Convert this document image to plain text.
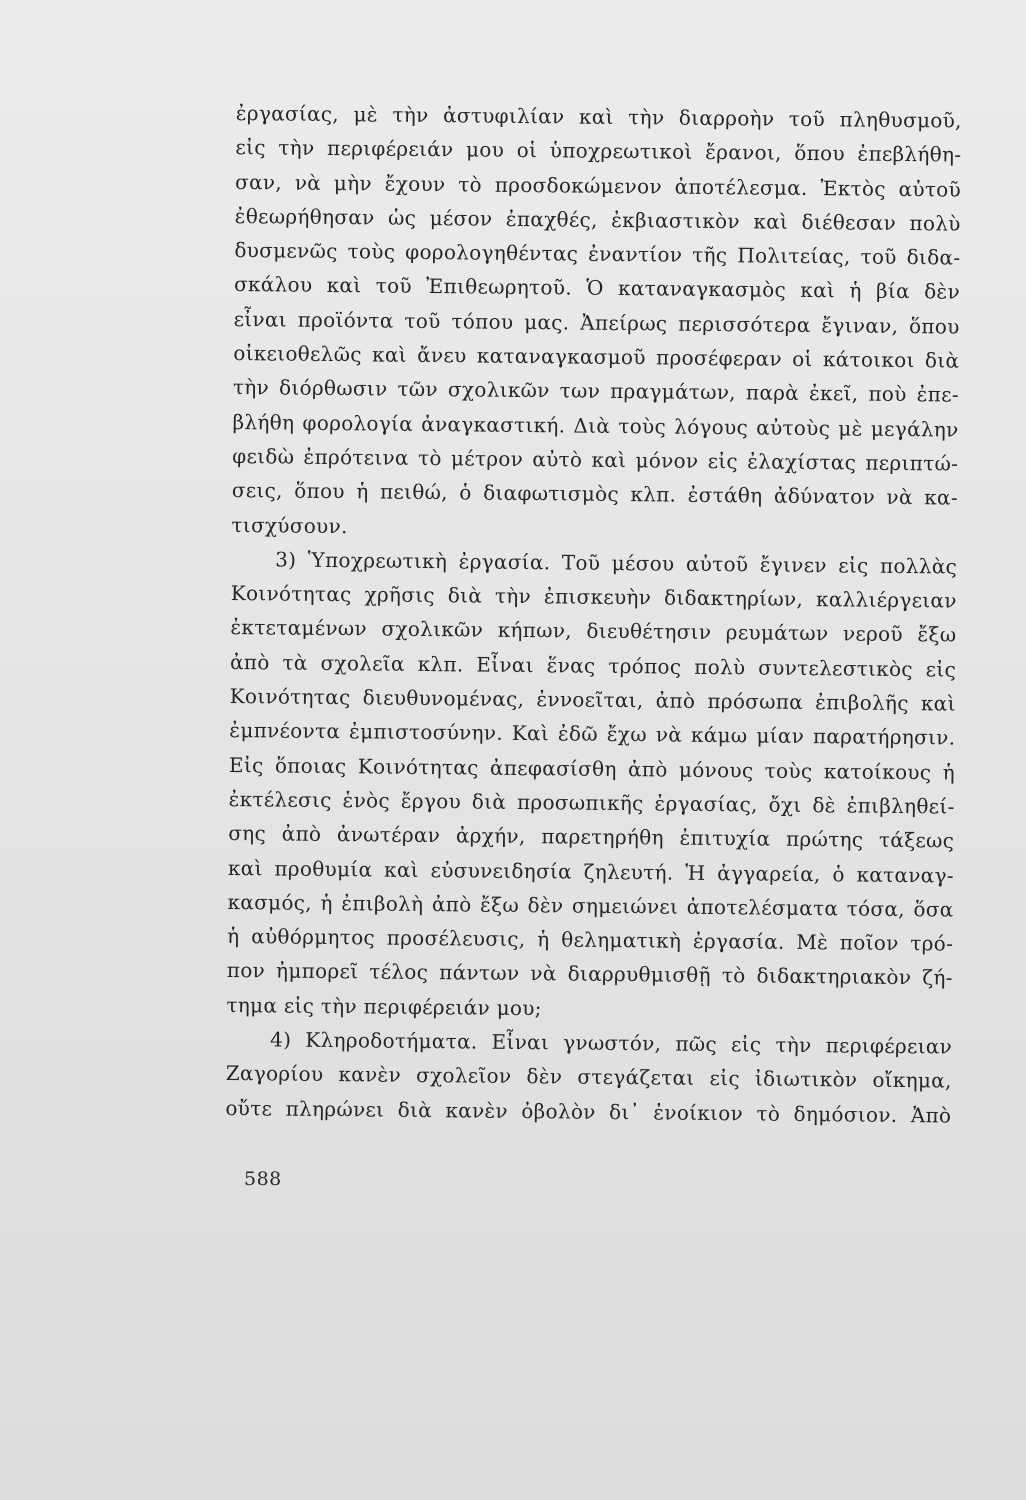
ἐργασίας, μὲ τὴν ἀστυφιλίαν καὶ τὴν διαρροὴν τοῦ πληθυσμοῦ,
εἰς τὴν περιφέρειάν μου οἱ ὑποχρεωτικοὶ ἔρανοι, ὅπου ἐπεβλήθη-
σαν, νὰ μὴν ἔχουν τὸ προσδοκώμενον ἀποτέλεσμα. Ἐκτὸς αὐτοῦ
ἐθεωρήθησαν ὡς μέσον ἐπαχθές, ἐκβιαστικὸν καὶ διέθεσαν πολὺ
δυσμενῶς τοὺς φορολογηθέντας ἐναντίον τῆς Πολιτείας, τοῦ διδα-
σκάλου καὶ τοῦ Ἐπιθεωρητοῦ. Ὁ καταναγκασμὸς καὶ ἡ βία δὲν
εἶναι προϊόντα τοῦ τόπου μας. Ἀπείρως περισσότερα ἔγιναν, ὅπου
οἰκειοθελῶς καὶ ἄνευ καταναγκασμοῦ προσέφεραν οἱ κάτοικοι διὰ
τὴν διόρθωσιν τῶν σχολικῶν των πραγμάτων, παρὰ ἐκεῖ, ποὺ ἐπε-
βλήθη φορολογία ἀναγκαστική. Διὰ τοὺς λόγους αὐτοὺς μὲ μεγάλην
φειδὼ ἐπρότεινα τὸ μέτρον αὐτὸ καὶ μόνον εἰς ἐλαχίστας περιπτώ-
σεις, ὅπου ἡ πειθώ, ὁ διαφωτισμὸς κλπ. ἐστάθη ἀδύνατον νὰ κα-
τισχύσουν.
3) Ὑποχρεωτικὴ ἐργασία. Τοῦ μέσου αὐτοῦ ἔγινεν εἰς πολλὰς
Κοινότητας χρῆσις διὰ τὴν ἐπισκευὴν διδακτηρίων, καλλιέργειαν
ἐκτεταμένων σχολικῶν κήπων, διευθέτησιν ρευμάτων νεροῦ ἔξω
ἀπὸ τὰ σχολεῖα κλπ. Εἶναι ἕνας τρόπος πολὺ συντελεστικὸς εἰς
Κοινότητας διευθυνομένας, ἐννοεῖται, ἀπὸ πρόσωπα ἐπιβολῆς καὶ
ἐμπνέοντα ἐμπιστοσύνην. Καὶ ἐδῶ ἔχω νὰ κάμω μίαν παρατήρησιν.
Εἰς ὅποιας Κοινότητας ἀπεφασίσθη ἀπὸ μόνους τοὺς κατοίκους ἡ
ἐκτέλεσις ἑνὸς ἔργου διὰ προσωπικῆς ἐργασίας, ὄχι δὲ ἐπιβληθεί-
σης ἀπὸ ἀνωτέραν ἀρχήν, παρετηρήθη ἐπιτυχία πρώτης τάξεως
καὶ προθυμία καὶ εὐσυνειδησία ζηλευτή. Ἡ ἀγγαρεία, ὁ καταναγ-
κασμός, ἡ ἐπιβολὴ ἀπὸ ἔξω δὲν σημειώνει ἀποτελέσματα τόσα, ὅσα
ἡ αὐθόρμητος προσέλευσις, ἡ θεληματικὴ ἐργασία. Μὲ ποῖον τρό-
πον ἠμπορεῖ τέλος πάντων νὰ διαρρυθμισθῇ τὸ διδακτηριακὸν ζή-
τημα εἰς τὴν περιφέρειάν μου;
4) Κληροδοτήματα. Εἶναι γνωστόν, πῶς εἰς τὴν περιφέρειαν
Ζαγορίου κανὲν σχολεῖον δὲν στεγάζεται εἰς ἰδιωτικὸν οἴκημα,
οὔτε πληρώνει διὰ κανὲν ὀβολὸν δι᾽ ἐνοίκιον τὸ δημόσιον. Ἀπὸ
588
